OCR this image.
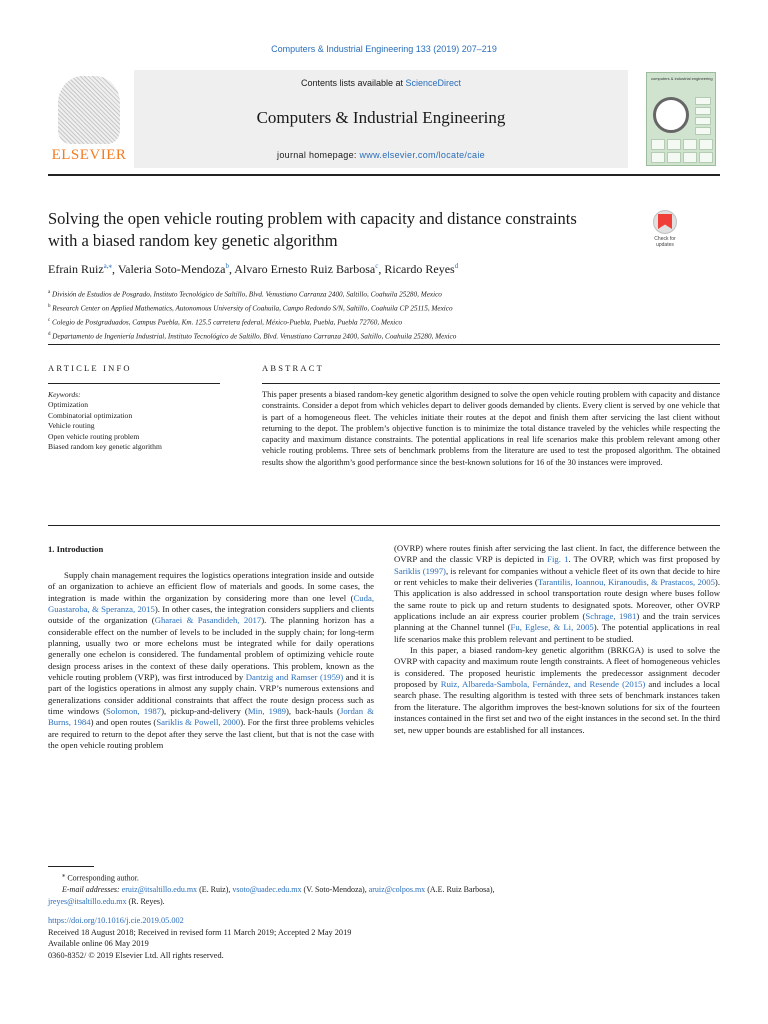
Computers & Industrial Engineering 133 (2019) 207–219
ELSEVIER
Contents lists available at ScienceDirect
Computers & Industrial Engineering
journal homepage: www.elsevier.com/locate/caie
computers & industrial engineering
Solving the open vehicle routing problem with capacity and distance constraints with a biased random key genetic algorithm	Check for updates
Efrain Ruiz$^{a,⁎}$, Valeria Soto-Mendoza$^b$, Alvaro Ernesto Ruiz Barbosa$^c$, Ricardo Reyes$^d$
$^a$ División de Estudios de Posgrado, Instituto Tecnológico de Saltillo, Blvd. Venustiano Carranza 2400, Saltillo, Coahuila 25280, Mexico
$^b$ Research Center on Applied Mathematics, Autonomous University of Coahuila, Campo Redondo S/N, Saltillo, Coahuila CP 25115, Mexico
$^c$ Colegio de Postgraduados, Campus Puebla, Km. 125.5 carretera federal, México-Puebla, Puebla, Puebla 72760, Mexico
$^d$ Departamento de Ingeniería Industrial, Instituto Tecnológico de Saltillo, Blvd. Venustiano Carranza 2400, Saltillo, Coahuila 25280, Mexico
ARTICLE INFO	ABSTRACT
Keywords:
Optimization
Combinatorial optimization
Vehicle routing
Open vehicle routing problem
Biased random key genetic algorithm
This paper presents a biased random-key genetic algorithm designed to solve the open vehicle routing problem with capacity and distance constraints. Consider a depot from which vehicles depart to deliver goods demanded by clients. Every client is served by one vehicle that is part of a homogeneous fleet. The vehicles initiate their routes at the depot and finish them after servicing the last client without returning to the depot. The problem’s objective function is to minimize the total distance traveled by the vehicles while respecting the capacity and maximum distance constraints. The potential applications in real life scenarios make this problem relevant among other vehicle routing problems. Three sets of benchmark problems from the literature are used to test the proposed algorithm. The obtained results show the algorithm’s good performance since the best-known solutions for 16 of the 30 instances were improved.
1. Introduction

Supply chain management requires the logistics operations integration inside and outside of an organization to achieve an efficient flow of materials and goods. In some cases, the integration is made within the organization by considering more than one level (Cuda, Guastaroba, & Speranza, 2015). In other cases, the integration considers suppliers and clients outside of the organization (Gharaei & Pasandideh, 2017). The planning horizon has a considerable effect on the number of levels to be included in the supply chain; for long-term planning, usually two or more echelons must be integrated while for daily operations generally one echelon is considered. The fundamental problem of optimizing vehicle route design process arises in the context of these daily operations. This problem, known as the vehicle routing problem (VRP), was first introduced by Dantzig and Ramser (1959) and it is part of the logistics operations in almost any supply chain. VRP’s numerous extensions and generalizations consider additional constraints that affect the route design process such as time windows (Solomon, 1987), pickup-and-delivery (Min, 1989), back-hauls (Jordan & Burns, 1984) and open routes (Sariklis & Powell, 2000). For the first three problems vehicles are required to return to the depot after they serve the last client, but that is not the case with the open vehicle routing problem

(OVRP) where routes finish after servicing the last client. In fact, the difference between the OVRP and the classic VRP is depicted in Fig. 1. The OVRP, which was first proposed by Sariklis (1997), is relevant for companies without a vehicle fleet of its own that decide to hire or rent vehicles to make their deliveries (Tarantilis, Ioannou, Kiranoudis, & Prastacos, 2005). This application is also addressed in school transportation route design where buses follow the same route to pick up and return students to designated spots. Moreover, other OVRP applications include an air express courier problem (Schrage, 1981) and the train services planning at the Channel tunnel (Fu, Eglese, & Li, 2005). The potential applications in real life scenarios make this problem relevant and pertinent to be studied.

In this paper, a biased random-key genetic algorithm (BRKGA) is used to solve the OVRP with capacity and maximum route length constraints. A fleet of homogeneous vehicles is considered. The proposed heuristic implements the predecessor assignment decoder proposed by Ruiz, Albareda-Sambola, Fernández, and Resende (2015) and includes a local search phase. The resulting algorithm is tested with three sets of benchmark instances taken from the literature. The algorithm improves the best-known solutions for six of the fourteen instances contained in the first set and two of the eight instances in the second set. In the third set, new upper bounds are established for all instances.

⁎ Corresponding author.
E-mail addresses: eruiz@itsaltillo.edu.mx (E. Ruiz), vsoto@uadec.edu.mx (V. Soto-Mendoza), aruiz@colpos.mx (A.E. Ruiz Barbosa),
jreyes@itsaltillo.edu.mx (R. Reyes).
https://doi.org/10.1016/j.cie.2019.05.002
Received 18 August 2018; Received in revised form 11 March 2019; Accepted 2 May 2019
Available online 06 May 2019
0360-8352/ © 2019 Elsevier Ltd. All rights reserved.
